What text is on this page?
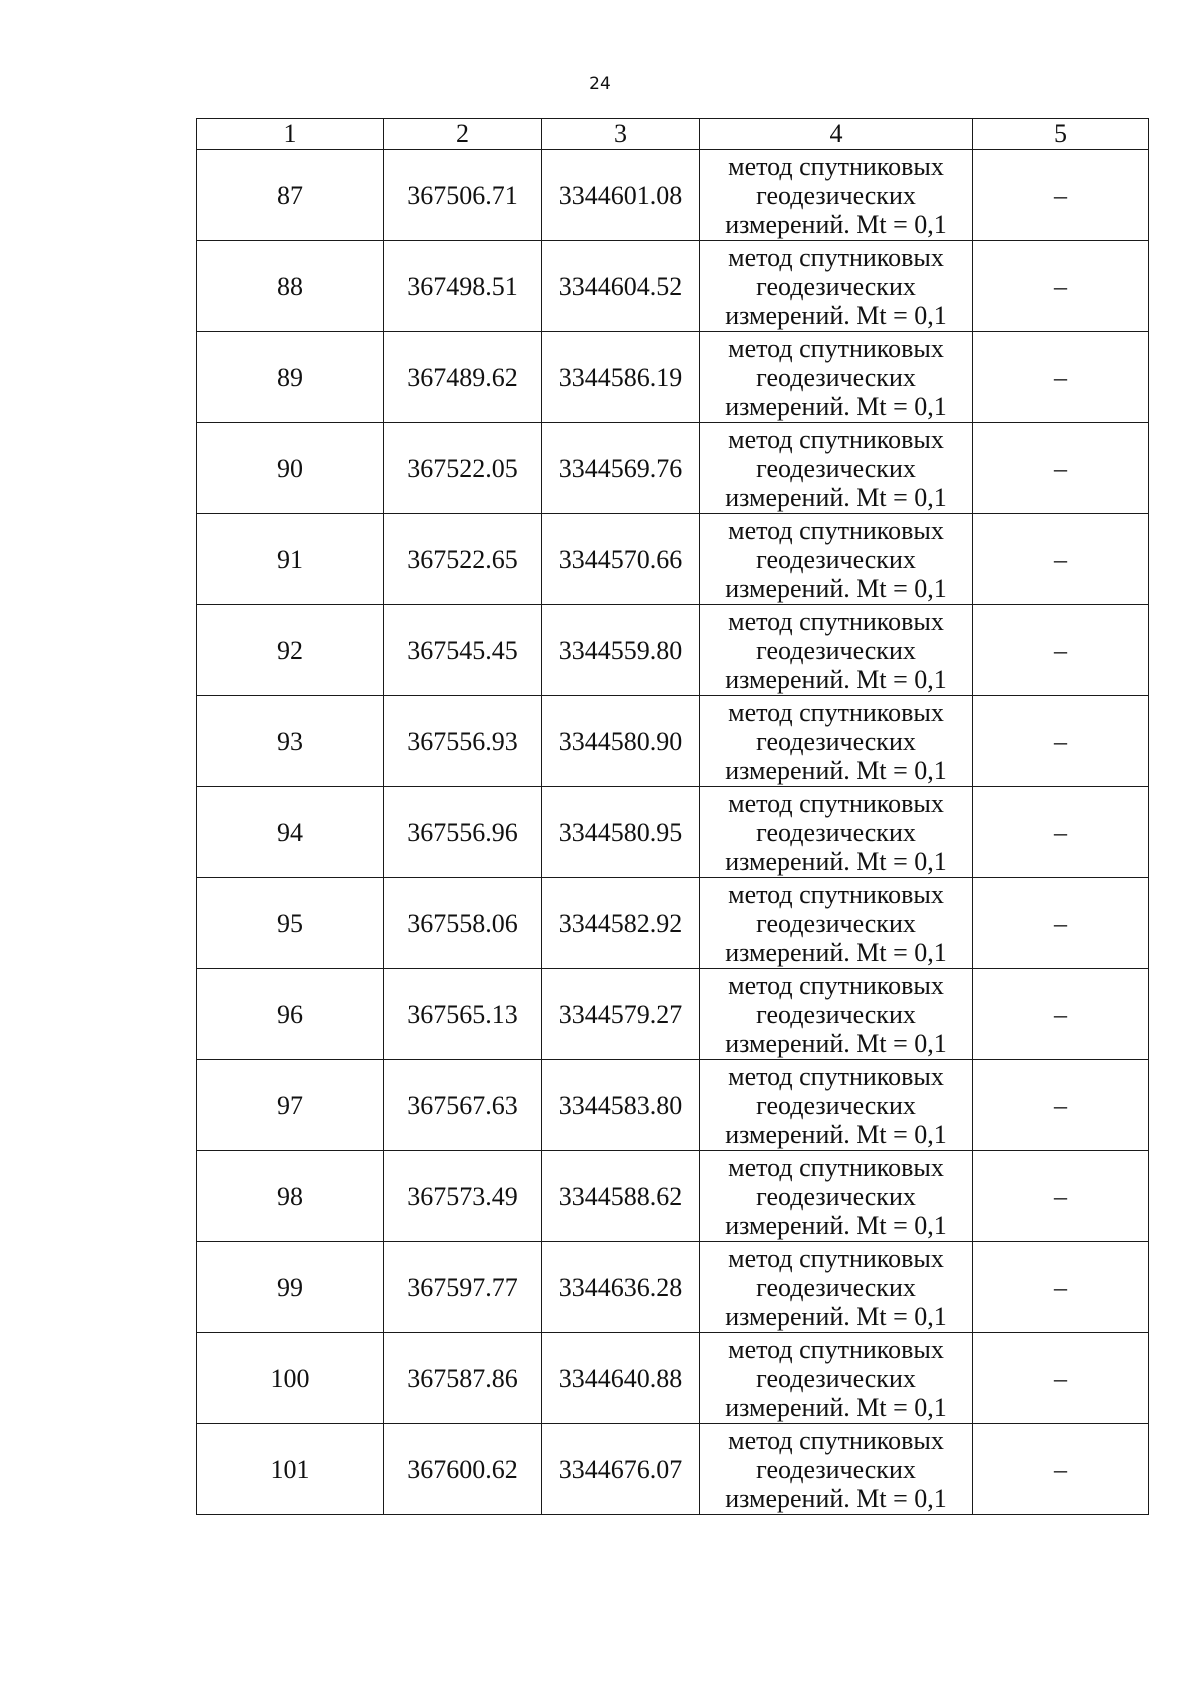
24
1	2	3	4	5
87	367506.71	3344601.08	метод спутниковых
геодезических
измерений. Mt = 0,1	–
88	367498.51	3344604.52	метод спутниковых
геодезических
измерений. Mt = 0,1	–
89	367489.62	3344586.19	метод спутниковых
геодезических
измерений. Mt = 0,1	–
90	367522.05	3344569.76	метод спутниковых
геодезических
измерений. Mt = 0,1	–
91	367522.65	3344570.66	метод спутниковых
геодезических
измерений. Mt = 0,1	–
92	367545.45	3344559.80	метод спутниковых
геодезических
измерений. Mt = 0,1	–
93	367556.93	3344580.90	метод спутниковых
геодезических
измерений. Mt = 0,1	–
94	367556.96	3344580.95	метод спутниковых
геодезических
измерений. Mt = 0,1	–
95	367558.06	3344582.92	метод спутниковых
геодезических
измерений. Mt = 0,1	–
96	367565.13	3344579.27	метод спутниковых
геодезических
измерений. Mt = 0,1	–
97	367567.63	3344583.80	метод спутниковых
геодезических
измерений. Mt = 0,1	–
98	367573.49	3344588.62	метод спутниковых
геодезических
измерений. Mt = 0,1	–
99	367597.77	3344636.28	метод спутниковых
геодезических
измерений. Mt = 0,1	–
100	367587.86	3344640.88	метод спутниковых
геодезических
измерений. Mt = 0,1	–
101	367600.62	3344676.07	метод спутниковых
геодезических
измерений. Mt = 0,1	–
